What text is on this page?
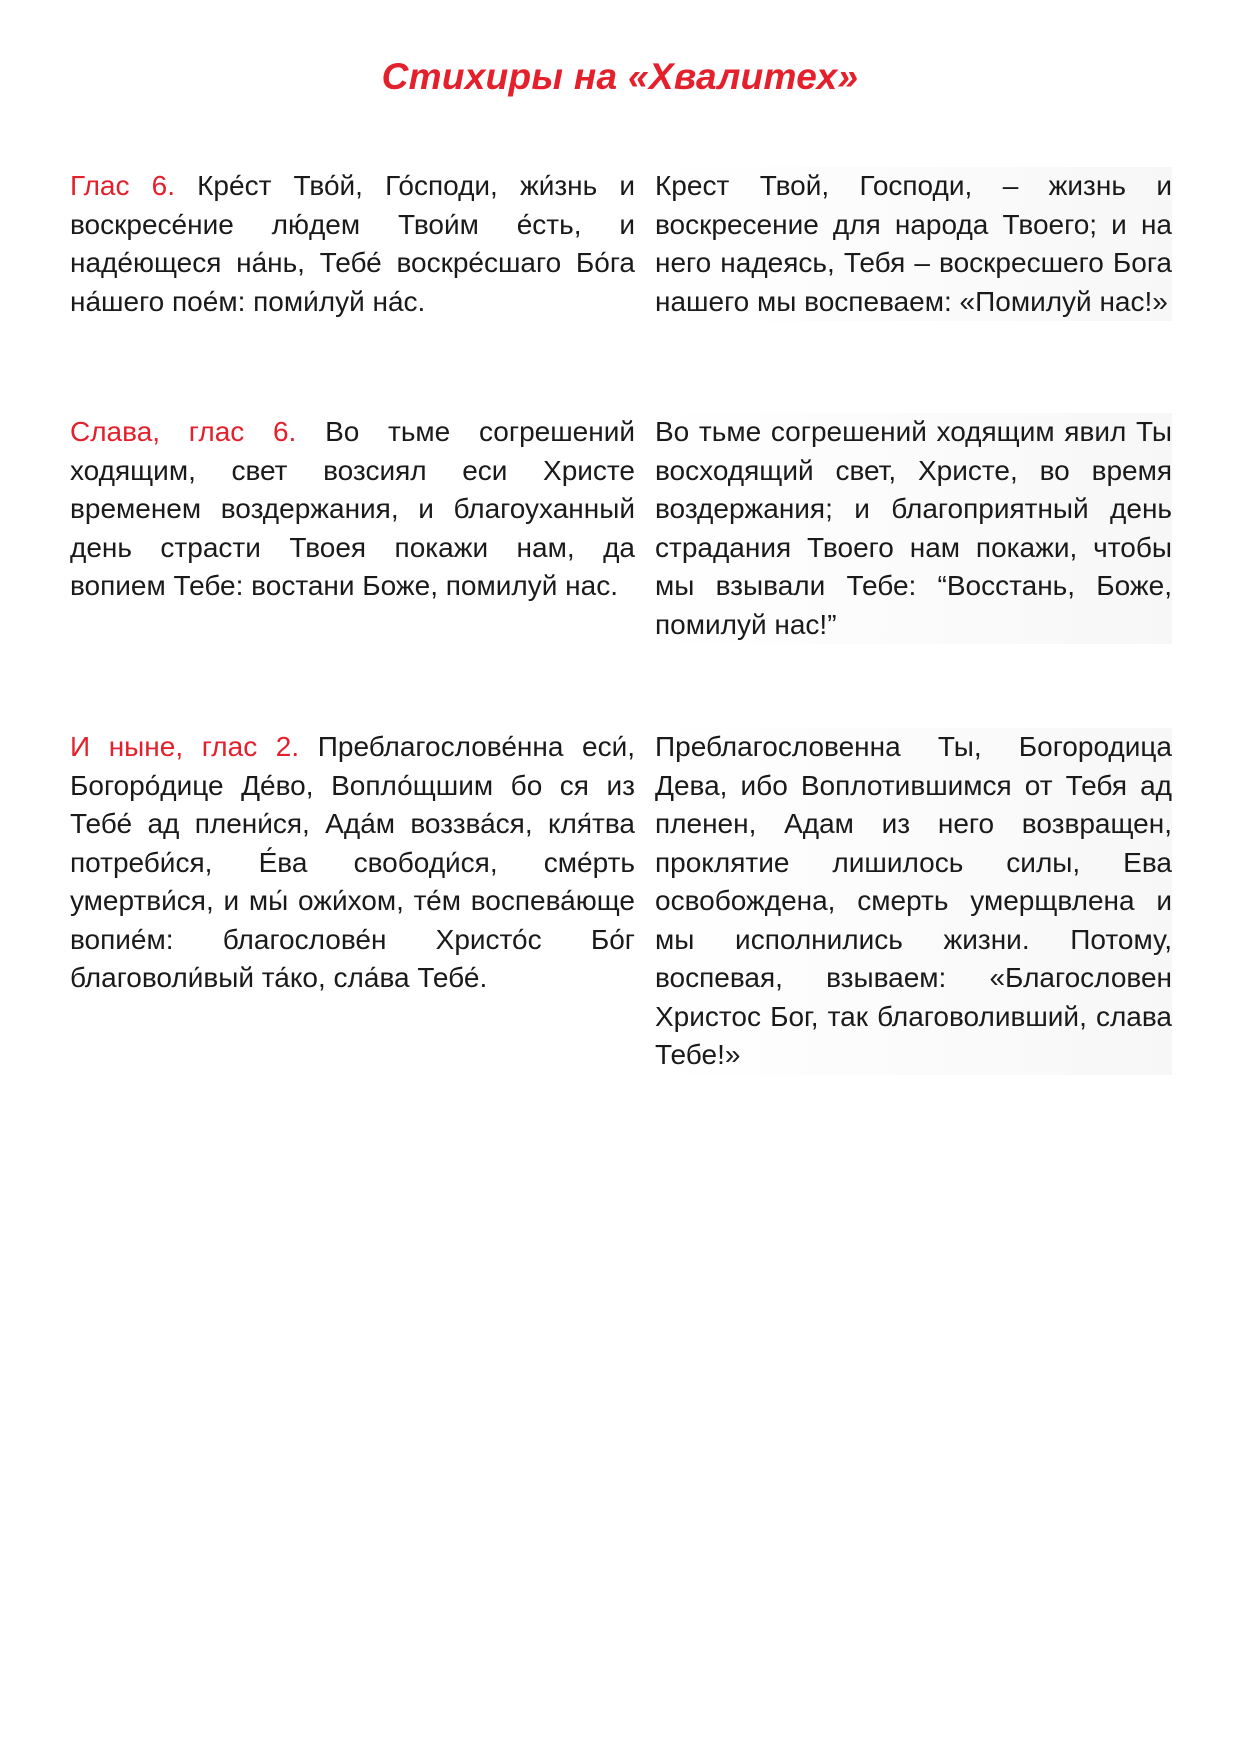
Стихиры на «Хвалитех»

Глас 6. Кре́ст Тво́й, Го́споди, жи́знь и воскресе́ние лю́дем Твои́м е́сть, и наде́ющеся на́нь, Тебе́ воскре́сшаго Бо́га на́шего пое́м: поми́луй на́с.

Крест Твой, Господи, – жизнь и воскресение для народа Твоего; и на него надеясь, Тебя – воскресшего Бога нашего мы воспеваем: «Помилуй нас!»

Слава, глас 6. Во тьме согрешений ходящим, свет возсиял еси Христе временем воздержания, и благоуханный день страсти Твоея покажи нам, да вопием Тебе: востани Боже, помилуй нас.

Во тьме согрешений ходящим явил Ты восходящий свет, Христе, во время воздержания; и благоприятный день страдания Твоего нам покажи, чтобы мы взывали Тебе: “Восстань, Боже, помилуй нас!”

И ныне, глас 2. Преблагослове́нна еси́, Богоро́дице Де́во, Вопло́щшим бо ся из Тебе́ ад плени́ся, Ада́м воззва́ся, кля́тва потреби́ся, Е́ва свободи́ся, сме́рть умертви́ся, и мы́ ожи́хом, те́м воспева́юще вопие́м: благослове́н Христо́с Бо́г благоволи́вый та́ко, сла́ва Тебе́.

Преблагословенна Ты, Богородица Дева, ибо Воплотившимся от Тебя ад пленен, Адам из него возвращен, проклятие лишилось силы, Ева освобождена, смерть умерщвлена и мы исполнились жизни. Потому, воспевая, взываем: «Благословен Христос Бог, так благоволивший, слава Тебе!»
